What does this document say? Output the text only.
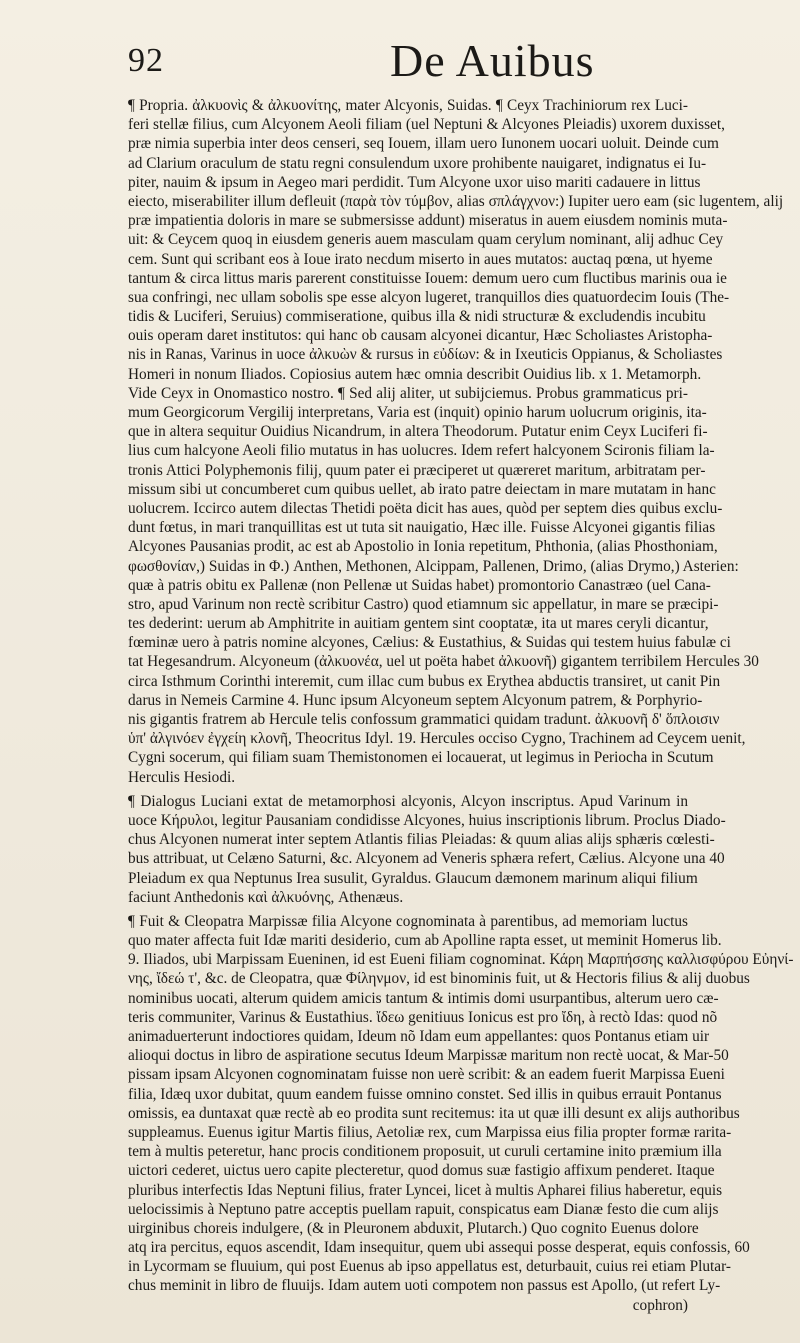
92	De Auibus
¶ Propria. ἀλκυονὶς & ἀλκυονίτης, mater Alcyonis, Suidas. ¶ Ceyx Trachiniorum rex Luci-
feri stellæ filius, cum Alcyonem Aeoli filiam (uel Neptuni & Alcyones Pleiadis) uxorem duxisset,
præ nimia superbia inter deos censeri, seq Iouem, illam uero Iunonem uocari uoluit. Deinde cum
ad Clarium oraculum de statu regni consulendum uxore prohibente nauigaret, indignatus ei Iu-
piter, nauim & ipsum in Aegeo mari perdidit. Tum Alcyone uxor uiso mariti cadauere in littus
eiecto, miserabiliter illum defleuit (παρὰ τὸν τύμβον, alias σπλάγχνον:) Iupiter uero eam (sic lugentem, alij
præ impatientia doloris in mare se submersisse addunt) miseratus in auem eiusdem nominis muta-
uit: & Ceycem quoq in eiusdem generis auem masculam quam cerylum nominant, alij adhuc Cey
cem. Sunt qui scribant eos à Ioue irato necdum miserto in aues mutatos: auctaq pœna, ut hyeme
tantum & circa littus maris parerent constituisse Iouem: demum uero cum fluctibus marinis oua ie
sua confringi, nec ullam sobolis spe esse alcyon lugeret, tranquillos dies quatuordecim Iouis (The-
tidis & Luciferi, Seruius) commiseratione, quibus illa & nidi structuræ & excludendis incubitu
ouis operam daret institutos: qui hanc ob causam alcyonei dicantur, Hæc Scholiastes Aristopha-
nis in Ranas, Varinus in uoce ἀλκυὼν & rursus in εὐδίων: & in Ixeuticis Oppianus, & Scholiastes
Homeri in nonum Iliados. Copiosius autem hæc omnia describit Ouidius lib. x 1. Metamorph.
Vide Ceyx in Onomastico nostro. ¶ Sed alij aliter, ut subijciemus. Probus grammaticus pri-
mum Georgicorum Vergilij interpretans, Varia est (inquit) opinio harum uolucrum originis, ita-
que in altera sequitur Ouidius Nicandrum, in altera Theodorum. Putatur enim Ceyx Luciferi fi-
lius cum halcyone Aeoli filio mutatus in has uolucres. Idem refert halcyonem Scironis filiam la-
tronis Attici Polyphemonis filij, quum pater ei præciperet ut quæreret maritum, arbitratam per-
missum sibi ut concumberet cum quibus uellet, ab irato patre deiectam in mare mutatam in hanc
uolucrem. Iccirco autem dilectas Thetidi poëta dicit has aues, quòd per septem dies quibus exclu-
dunt fœtus, in mari tranquillitas est ut tuta sit nauigatio, Hæc ille. Fuisse Alcyonei gigantis filias
Alcyones Pausanias prodit, ac est ab Apostolio in Ionia repetitum, Phthonia, (alias Phosthoniam,
φωσθονίαν,) Suidas in Φ.) Anthen, Methonen, Alcippam, Pallenen, Drimo, (alias Drymo,) Asterien:
quæ à patris obitu ex Pallenæ (non Pellenæ ut Suidas habet) promontorio Canastræo (uel Cana-
stro, apud Varinum non rectè scribitur Castro) quod etiamnum sic appellatur, in mare se præcipi-
tes dederint: uerum ab Amphitrite in auitiam gentem sint cooptatæ, ita ut mares ceryli dicantur,
fœminæ uero à patris nomine alcyones, Cælius: & Eustathius, & Suidas qui testem huius fabulæ ci
tat Hegesandrum. Alcyoneum (ἀλκυονέα, uel ut poëta habet ἀλκυονῆ) gigantem terribilem Hercules 30
circa Isthmum Corinthi interemit, cum illac cum bubus ex Erythea abductis transiret, ut canit Pin
darus in Nemeis Carmine 4. Hunc ipsum Alcyoneum septem Alcyonum patrem, & Porphyrio-
nis gigantis fratrem ab Hercule telis confossum grammatici quidam tradunt. ἀλκυονῆ δ' ὅπλοισιν
ὑπ' ἀλγινόεν ἐγχείη κλονῆ, Theocritus Idyl. 19. Hercules occiso Cygno, Trachinem ad Ceycem uenit,
Cygni socerum, qui filiam suam Themistonomen ei locauerat, ut legimus in Periocha in Scutum
Herculis Hesiodi.
¶ Dialogus Luciani extat de metamorphosi alcyonis, Alcyon inscriptus. Apud Varinum in
uoce Κήρυλοι, legitur Pausaniam condidisse Alcyones, huius inscriptionis librum. Proclus Diado-
chus Alcyonen numerat inter septem Atlantis filias Pleiadas: & quum alias alijs sphæris cœlesti-
bus attribuat, ut Celæno Saturni, &c. Alcyonem ad Veneris sphæra refert, Cælius. Alcyone una 40
Pleiadum ex qua Neptunus Irea susulit, Gyraldus. Glaucum dæmonem marinum aliqui filium
faciunt Anthedonis καὶ ἀλκυόνης, Athenæus.
¶ Fuit & Cleopatra Marpissæ filia Alcyone cognominata à parentibus, ad memoriam luctus
quo mater affecta fuit Idæ mariti desiderio, cum ab Apolline rapta esset, ut meminit Homerus lib.
9. Iliados, ubi Marpissam Eueninen, id est Eueni filiam cognominat. Κάρη Μαρπήσσης καλλισφύρου Εὐηνί-
νης, ἴδεώ τ', &c. de Cleopatra, quæ Φίληνμον, id est binominis fuit, ut & Hectoris filius & alij duobus
nominibus uocati, alterum quidem amicis tantum & intimis domi usurpantibus, alterum uero cæ-
teris communiter, Varinus & Eustathius. ἴδεω genitiuus Ionicus est pro ἴδη, à rectò Idas: quod nõ
animaduerterunt indoctiores quidam, Ideum nõ Idam eum appellantes: quos Pontanus etiam uir
alioqui doctus in libro de aspiratione secutus Ideum Marpissæ maritum non rectè uocat, & Mar-50
pissam ipsam Alcyonen cognominatam fuisse non uerè scribit: & an eadem fuerit Marpissa Eueni
filia, Idæq uxor dubitat, quum eandem fuisse omnino constet. Sed illis in quibus errauit Pontanus
omissis, ea duntaxat quæ rectè ab eo prodita sunt recitemus: ita ut quæ illi desunt ex alijs authoribus
suppleamus. Euenus igitur Martis filius, Aetoliæ rex, cum Marpissa eius filia propter formæ rarita-
tem à multis peteretur, hanc procis conditionem proposuit, ut curuli certamine inito præmium illa
uictori cederet, uictus uero capite plecteretur, quod domus suæ fastigio affixum penderet. Itaque
pluribus interfectis Idas Neptuni filius, frater Lyncei, licet à multis Apharei filius haberetur, equis
uelocissimis à Neptuno patre acceptis puellam rapuit, conspicatus eam Dianæ festo die cum alijs
uirginibus choreis indulgere, (& in Pleuronem abduxit, Plutarch.) Quo cognito Euenus dolore
atq ira percitus, equos ascendit, Idam insequitur, quem ubi assequi posse desperat, equis confossis, 60
in Lycormam se fluuium, qui post Euenus ab ipso appellatus est, deturbauit, cuius rei etiam Plutar-
chus meminit in libro de fluuijs. Idam autem uoti compotem non passus est Apollo, (ut refert Ly-
cophron)
